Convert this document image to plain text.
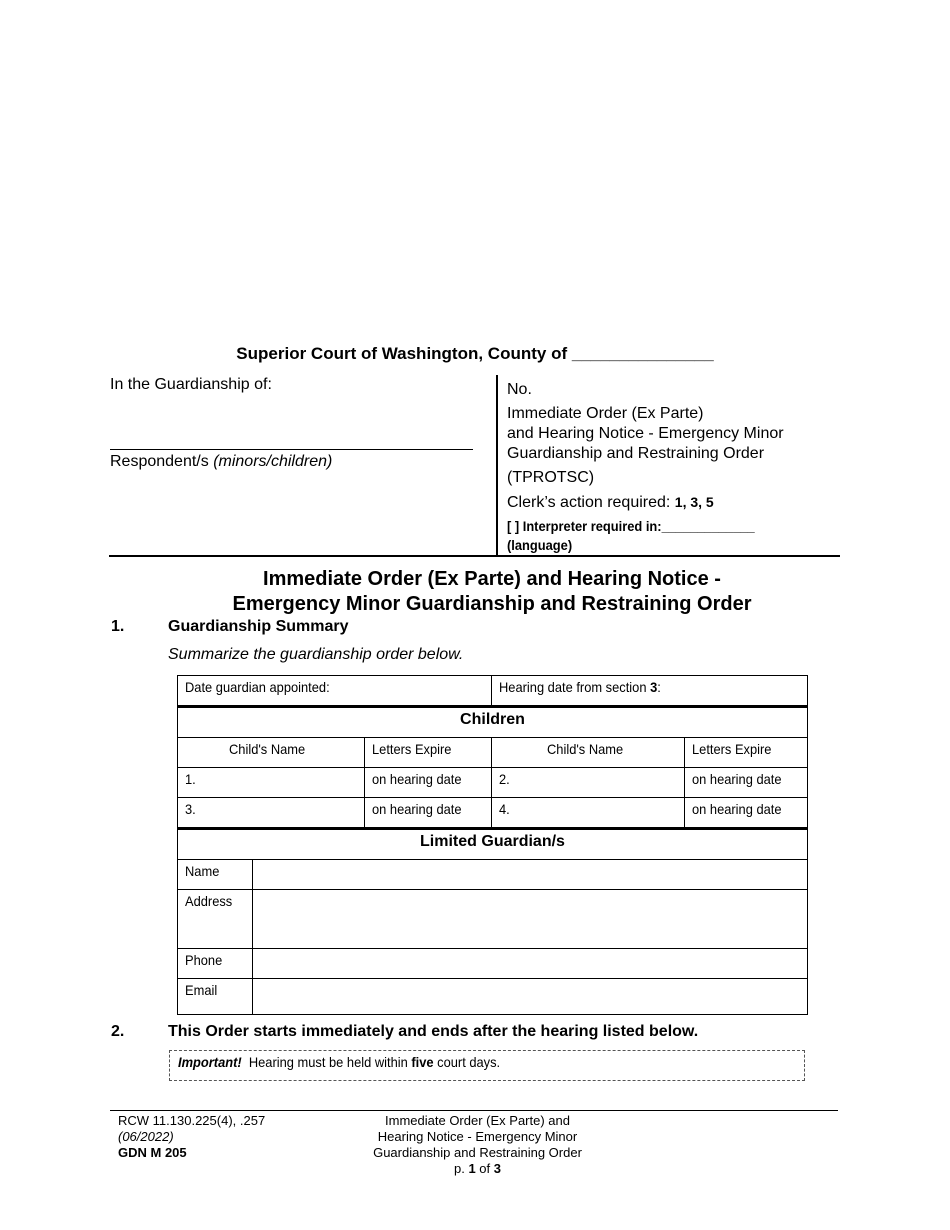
Superior Court of Washington, County of _______________

In the Guardianship of:

Respondent/s (minors/children)
No.
Immediate Order (Ex Parte)
and Hearing Notice - Emergency Minor
Guardianship and Restraining Order
(TPROTSC)
Clerk’s action required: 1, 3, 5
[ ] Interpreter required in:_____________
(language)
Immediate Order (Ex Parte) and Hearing Notice -
Emergency Minor Guardianship and Restraining Order
1.	Guardianship Summary
Summarize the guardianship order below.
Date guardian appointed:			Hearing date from section 3:	
Children				
Child's Name		Letters Expire	Child's Name	Letters Expire
1.		on hearing date	2.	on hearing date
3.		on hearing date	4.	on hearing date
Limited Guardian/s				
Name				
Address				
Phone				
Email				
2.	This Order starts immediately and ends after the hearing listed below.
Important! Hearing must be held within five court days.
RCW 11.130.225(4), .257
(06/2022)
GDN M 205
Immediate Order (Ex Parte) and
Hearing Notice - Emergency Minor
Guardianship and Restraining Order
p. 1 of 3
